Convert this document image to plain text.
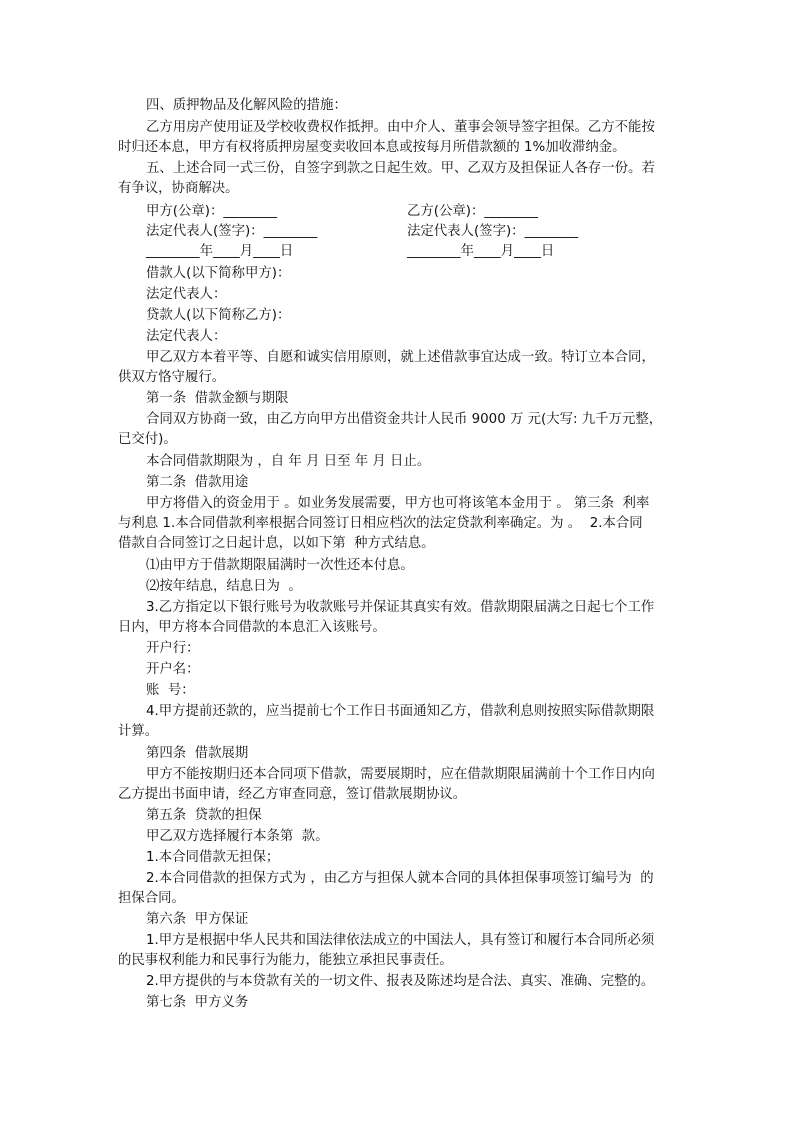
四、质押物品及化解风险的措施：
乙方用房产使用证及学校收费权作抵押。由中介人、董事会领导签字担保。乙方不能按
时归还本息，甲方有权将质押房屋变卖收回本息或按每月所借款额的 1%加收滞纳金。
五、上述合同一式三份，自签字到款之日起生效。甲、乙双方及担保证人各存一份。若
有争议，协商解决。
甲方(公章)：________	乙方(公章)：________
法定代表人(签字)：________	法定代表人(签字)：________
________年____月____日	________年____月____日
借款人(以下简称甲方)：
法定代表人：
贷款人(以下简称乙方)：
法定代表人：
甲乙双方本着平等、自愿和诚实信用原则，就上述借款事宜达成一致。特订立本合同，
供双方恪守履行。
第一条  借款金额与期限
合同双方协商一致，由乙方向甲方出借资金共计人民币 9000 万 元(大写: 九千万元整，
已交付)。
本合同借款期限为 ，自 年 月 日至 年 月 日止。
第二条  借款用途
甲方将借入的资金用于 。如业务发展需要，甲方也可将该笔本金用于 。 第三条  利率
与利息 1.本合同借款利率根据合同签订日相应档次的法定贷款利率确定。为 。  2.本合同
借款自合同签订之日起计息，以如下第  种方式结息。
⑴由甲方于借款期限届满时一次性还本付息。
⑵按年结息，结息日为  。
3.乙方指定以下银行账号为收款账号并保证其真实有效。借款期限届满之日起七个工作
日内，甲方将本合同借款的本息汇入该账号。
开户行：
开户名：
账  号：
4.甲方提前还款的，应当提前七个工作日书面通知乙方，借款利息则按照实际借款期限
计算。
第四条  借款展期
甲方不能按期归还本合同项下借款，需要展期时，应在借款期限届满前十个工作日内向
乙方提出书面申请，经乙方审查同意，签订借款展期协议。
第五条  贷款的担保
甲乙双方选择履行本条第  款。
1.本合同借款无担保；
2.本合同借款的担保方式为 ，由乙方与担保人就本合同的具体担保事项签订编号为  的
担保合同。
第六条  甲方保证
1.甲方是根据中华人民共和国法律依法成立的中国法人，具有签订和履行本合同所必须
的民事权利能力和民事行为能力，能独立承担民事责任。
2.甲方提供的与本贷款有关的一切文件、报表及陈述均是合法、真实、准确、完整的。
第七条  甲方义务
